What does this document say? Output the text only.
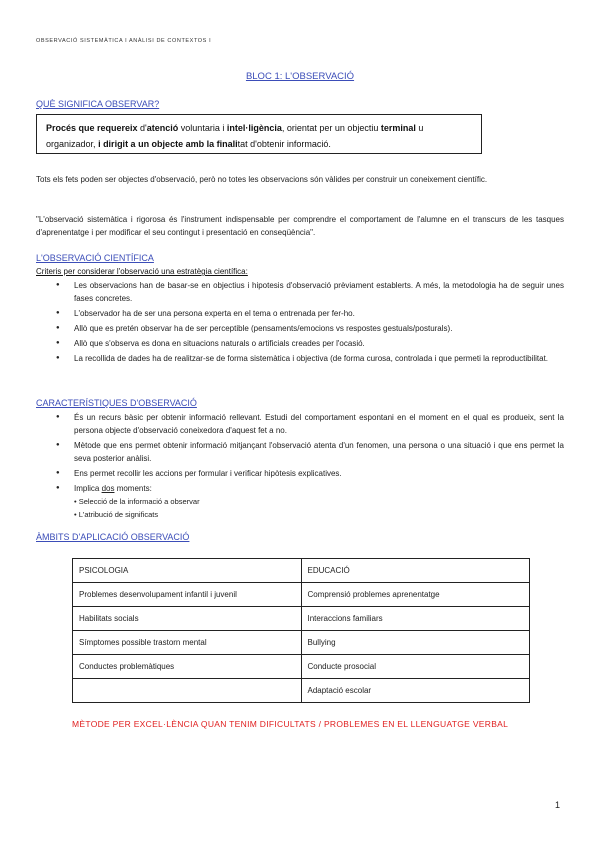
OBSERVACIÓ SISTEMÀTICA I ANÀLISI DE CONTEXTOS I
BLOC 1: L'OBSERVACIÓ
QUÈ SIGNIFICA OBSERVAR?
Procés que requereix d'atenció voluntaria i intel·ligència, orientat per un objectiu terminal u organizador, i dirigit a un objecte amb la finalitat d'obtenir informació.
Tots els fets poden ser objectes d'observació, però no totes les observacions són vàlides per construir un coneixement científic.
"L'observació sistemàtica i rigorosa és l'instrument indispensable per comprendre el comportament de l'alumne en el transcurs de les tasques d'aprenentatge i per modificar el seu contingut i presentació en conseqüència".
L'OBSERVACIÓ CIENTÍFICA
Criteris per considerar l'observació una estratègia científica:
● Les observacions han de basar-se en objectius i hipotesis d'observació prèviament establerts. A més, la metodologia ha de seguir unes fases concretes.
● L'observador ha de ser una persona experta en el tema o entrenada per fer-ho.
● Allò que es pretén observar ha de ser perceptible (pensaments/emocions vs respostes gestuals/posturals).
● Allò que s'observa es dona en situacions naturals o artificials creades per l'ocasió.
● La recollida de dades ha de realitzar-se de forma sistemàtica i objectiva (de forma curosa, controlada i que permeti la reproductibilitat.
CARACTERÍSTIQUES D'OBSERVACIÓ
● És un recurs bàsic per obtenir informació rellevant. Estudi del comportament espontani en el moment en el qual es produeix, sent la persona objecte d'observació coneixedora d'aquest fet a no.
● Mètode que ens permet obtenir informació mitjançant l'observació atenta d'un fenomen, una persona o una situació i que ens permet la seva posterior anàlisi.
● Ens permet recollir les accions per formular i verificar hipòtesis explicatives.
● Implica dos moments:
• Selecció de la informació a observar
• L'atribució de significats
ÀMBITS D'APLICACIÓ OBSERVACIÓ
PSICOLOGIA	EDUCACIÓ
Problemes desenvolupament infantil i juvenil	Comprensió problemes aprenentatge
Habilitats socials	Interaccions familiars
Símptomes possible trastorn mental	Bullying
Conductes problemàtiques	Conducte prosocial
	Adaptació escolar
MÈTODE PER EXCEL·LÈNCIA QUAN TENIM DIFICULTATS / PROBLEMES EN EL LLENGUATGE VERBAL
1
